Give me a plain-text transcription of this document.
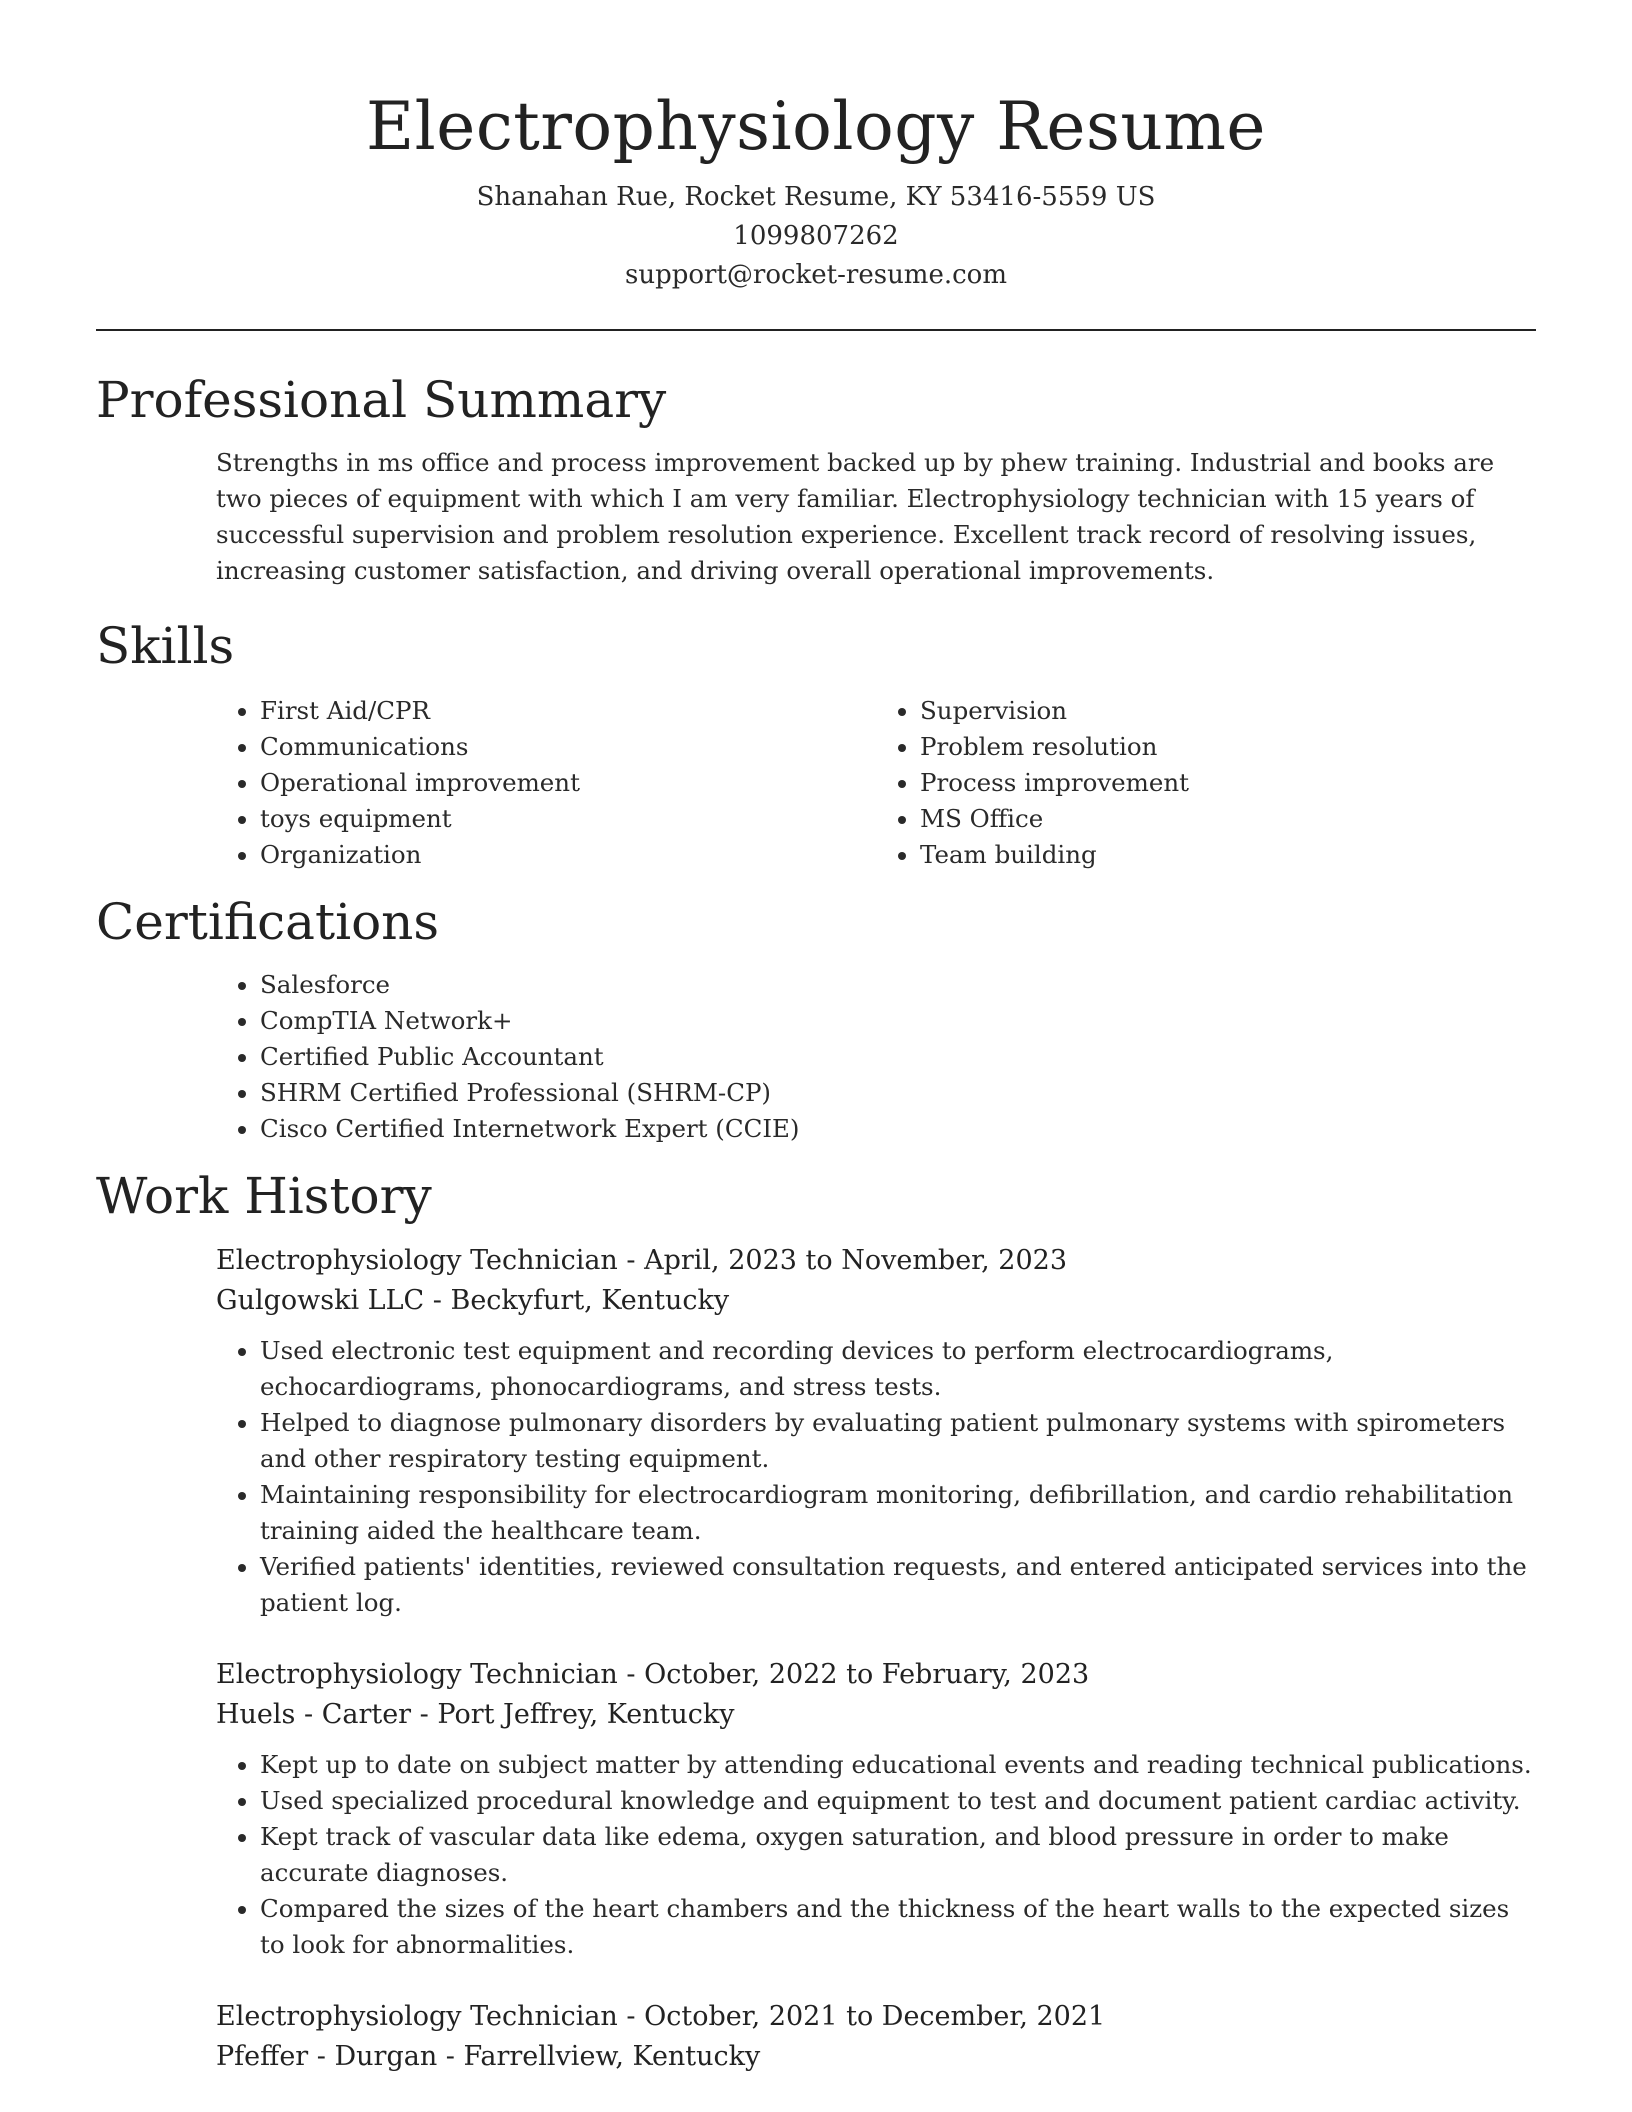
Electrophysiology Resume
Shanahan Rue, Rocket Resume, KY 53416-5559 US
1099807262
support@rocket-resume.com
Professional Summary
Strengths in ms office and process improvement backed up by phew training. Industrial and books are two pieces of equipment with which I am very familiar. Electrophysiology technician with 15 years of successful supervision and problem resolution experience. Excellent track record of resolving issues, increasing customer satisfaction, and driving overall operational improvements.
Skills
• First Aid/CPR
• Communications
• Operational improvement
• toys equipment
• Organization
• Supervision
• Problem resolution
• Process improvement
• MS Office
• Team building
Certifications
• Salesforce
• CompTIA Network+
• Certified Public Accountant
• SHRM Certified Professional (SHRM-CP)
• Cisco Certified Internetwork Expert (CCIE)
Work History
Electrophysiology Technician - April, 2023 to November, 2023
Gulgowski LLC - Beckyfurt, Kentucky
• Used electronic test equipment and recording devices to perform electrocardiograms, echocardiograms, phonocardiograms, and stress tests.
• Helped to diagnose pulmonary disorders by evaluating patient pulmonary systems with spirometers and other respiratory testing equipment.
• Maintaining responsibility for electrocardiogram monitoring, defibrillation, and cardio rehabilitation training aided the healthcare team.
• Verified patients' identities, reviewed consultation requests, and entered anticipated services into the patient log.
Electrophysiology Technician - October, 2022 to February, 2023
Huels - Carter - Port Jeffrey, Kentucky
• Kept up to date on subject matter by attending educational events and reading technical publications.
• Used specialized procedural knowledge and equipment to test and document patient cardiac activity.
• Kept track of vascular data like edema, oxygen saturation, and blood pressure in order to make accurate diagnoses.
• Compared the sizes of the heart chambers and the thickness of the heart walls to the expected sizes to look for abnormalities.
Electrophysiology Technician - October, 2021 to December, 2021
Pfeffer - Durgan - Farrellview, Kentucky
